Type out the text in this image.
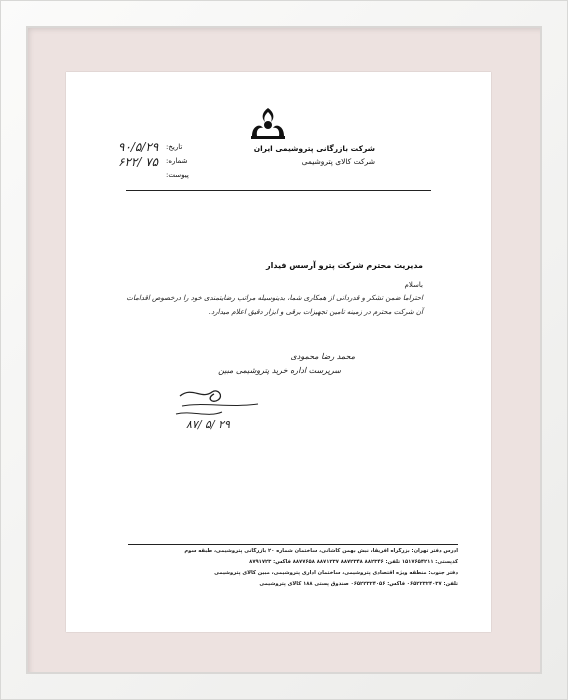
شرکت بازرگانی پتروشیمی ایران
شرکت کالای پتروشیمی
تاریخ:
شماره:
پیوست:
۹۰/۵/۲۹
۶۲۲/ ۷۵
مدیریت محترم شرکت پترو آرسس فیدار
باسلام
احتراما ضمن تشکر و قدردانی از همکاری شما، بدینوسیله مراتب رضایتمندی خود را درخصوص اقدامات آن شرکت محترم در زمینه تامین تجهیزات برقی و ابزار دقیق اعلام میدارد.
محمد رضا محمودی
سرپرست اداره خرید پتروشیمی مبین
۸۷/ ۵/ ۲۹
آدرس دفتر تهران: بزرگراه آفریقا، نبش بهمن کاشانی، ساختمان شماره ۲۰ بازرگانی پتروشیمی، طبقه سوم
کدپستی: ۱۵۱۷۶۵۴۲۱۱ تلفن: ۸۸۲۳۴۶ ۸۸۷۲۳۴۸ ۸۸۷۱۲۳۷ ۸۸۷۷۶۵۸ فاکس: ۸۷۹۱۷۲۳
دفتر جنوب: منطقه ویژه اقتصادی پتروشیمی، ساختمان اداری پتروشیمی، مبین کالای پتروشیمی
تلفن: ۰۶۵۲۲۳۲۴۰۳۷ فاکس: ۰۶۵۲۲۳۲۴۰۵۶ صندوق پستی ۱۸۸ کالای پتروشیمی
